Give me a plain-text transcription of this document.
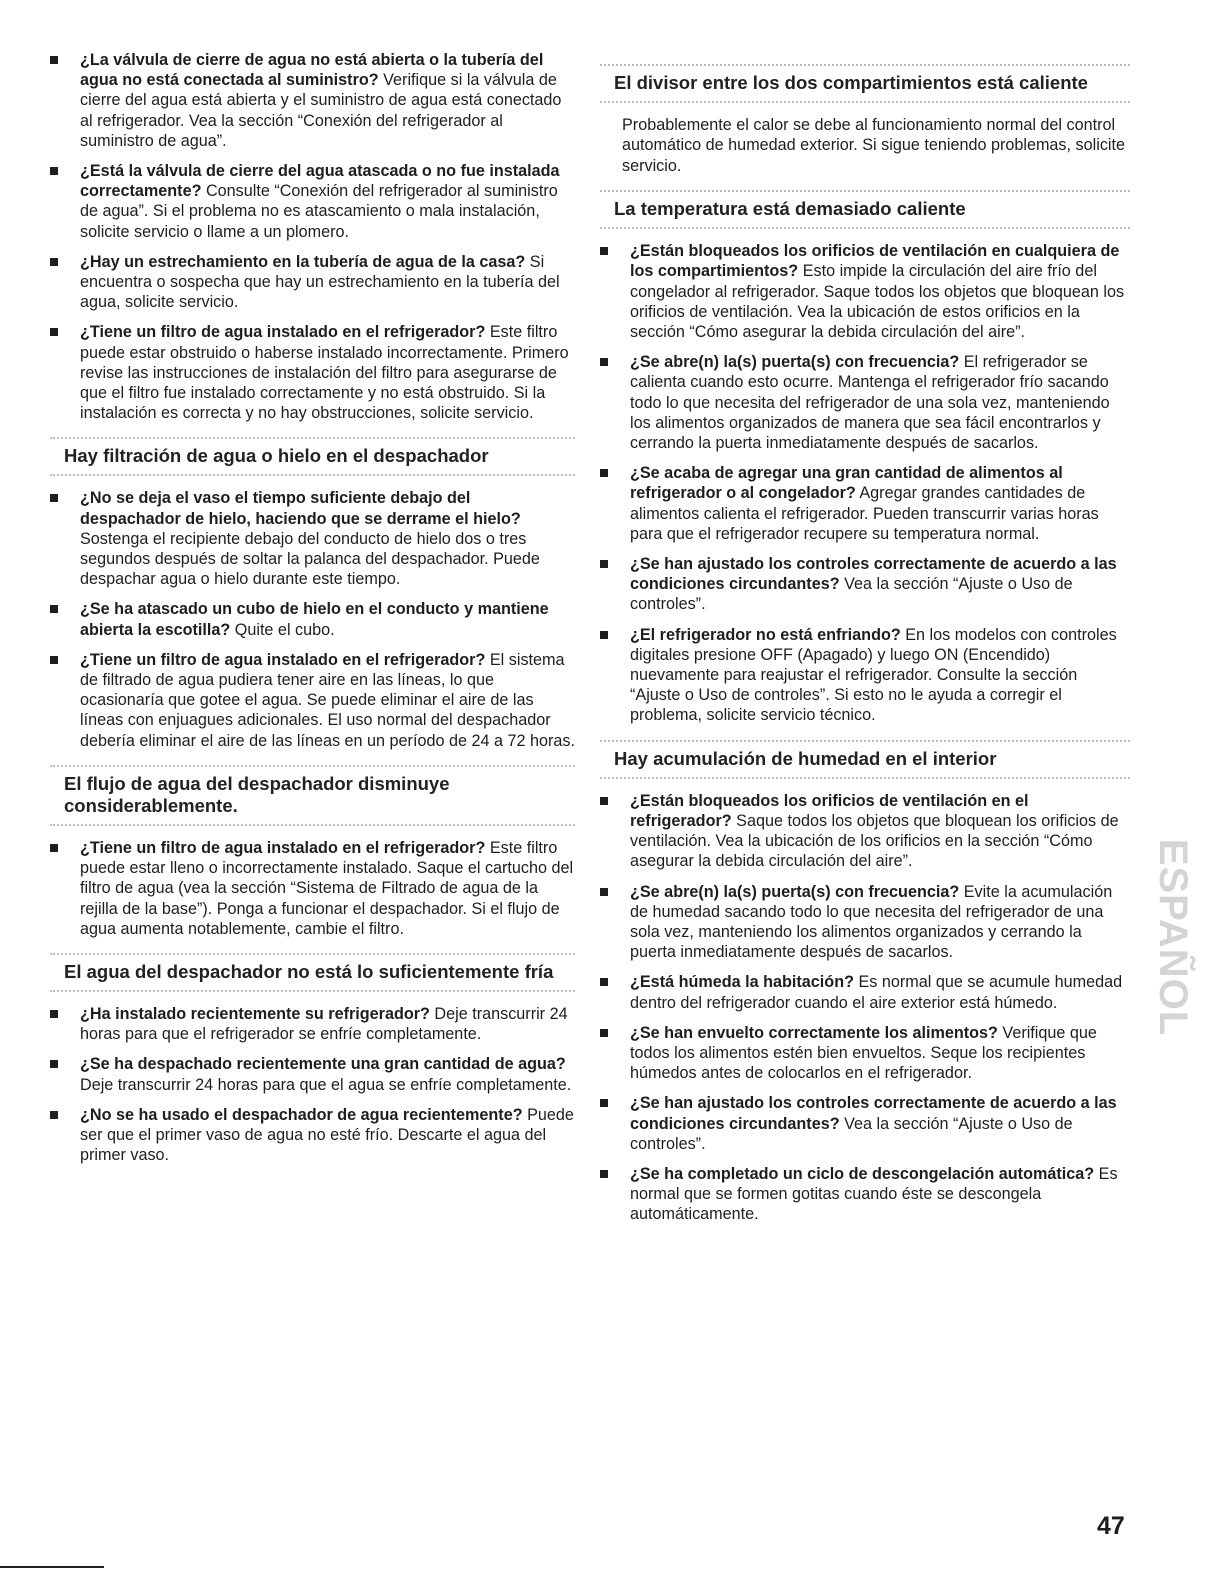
¿La válvula de cierre de agua no está abierta o la tubería del agua no está conectada al suministro? Verifique si la válvula de cierre del agua está abierta y el suministro de agua está conectado al refrigerador. Vea la sección “Conexión del refrigerador al suministro de agua”.
¿Está la válvula de cierre del agua atascada o no fue instalada correctamente? Consulte “Conexión del refrigerador al suministro de agua”. Si el problema no es atascamiento o mala instalación, solicite servicio o llame a un plomero.
¿Hay un estrechamiento en la tubería de agua de la casa? Si encuentra o sospecha que hay un estrechamiento en la tubería del agua, solicite servicio.
¿Tiene un filtro de agua instalado en el refrigerador? Este filtro puede estar obstruido o haberse instalado incorrectamente. Primero revise las instrucciones de instalación del filtro para asegurarse de que el filtro fue instalado correctamente y no está obstruido. Si la instalación es correcta y no hay obstrucciones, solicite servicio.
Hay filtración de agua o hielo en el despachador
¿No se deja el vaso el tiempo suficiente debajo del despachador de hielo, haciendo que se derrame el hielo? Sostenga el recipiente debajo del conducto de hielo dos o tres segundos después de soltar la palanca del despachador. Puede despachar agua o hielo durante este tiempo.
¿Se ha atascado un cubo de hielo en el conducto y mantiene abierta la escotilla? Quite el cubo.
¿Tiene un filtro de agua instalado en el refrigerador? El sistema de filtrado de agua pudiera tener aire en las líneas, lo que ocasionaría que gotee el agua. Se puede eliminar el aire de las líneas con enjuagues adicionales. El uso normal del despachador debería eliminar el aire de las líneas en un período de 24 a 72 horas.
El flujo de agua del despachador disminuye considerablemente.
¿Tiene un filtro de agua instalado en el refrigerador? Este filtro puede estar lleno o incorrectamente instalado. Saque el cartucho del filtro de agua (vea la sección “Sistema de Filtrado de agua de la rejilla de la base”). Ponga a funcionar el despachador. Si el flujo de agua aumenta notablemente, cambie el filtro.
El agua del despachador no está lo suficientemente fría
¿Ha instalado recientemente su refrigerador? Deje transcurrir 24 horas para que el refrigerador se enfríe completamente.
¿Se ha despachado recientemente una gran cantidad de agua? Deje transcurrir 24 horas para que el agua se enfríe completamente.
¿No se ha usado el despachador de agua recientemente? Puede ser que el primer vaso de agua no esté frío. Descarte el agua del primer vaso.
El divisor entre los dos compartimientos está caliente
Probablemente el calor se debe al funcionamiento normal del control automático de humedad exterior. Si sigue teniendo problemas, solicite servicio.
La temperatura está demasiado caliente
¿Están bloqueados los orificios de ventilación en cualquiera de los compartimientos? Esto impide la circulación del aire frío del congelador al refrigerador. Saque todos los objetos que bloquean los orificios de ventilación. Vea la ubicación de estos orificios en la sección “Cómo asegurar la debida circulación del aire”.
¿Se abre(n) la(s) puerta(s) con frecuencia? El refrigerador se calienta cuando esto ocurre. Mantenga el refrigerador frío sacando todo lo que necesita del refrigerador de una sola vez, manteniendo los alimentos organizados de manera que sea fácil encontrarlos y cerrando la puerta inmediatamente después de sacarlos.
¿Se acaba de agregar una gran cantidad de alimentos al refrigerador o al congelador? Agregar grandes cantidades de alimentos calienta el refrigerador. Pueden transcurrir varias horas para que el refrigerador recupere su temperatura normal.
¿Se han ajustado los controles correctamente de acuerdo a las condiciones circundantes? Vea la sección “Ajuste o Uso de controles”.
¿El refrigerador no está enfriando? En los modelos con controles digitales presione OFF (Apagado) y luego ON (Encendido) nuevamente para reajustar el refrigerador. Consulte la sección “Ajuste o Uso de controles”. Si esto no le ayuda a corregir el problema, solicite servicio técnico.
Hay acumulación de humedad en el interior
¿Están bloqueados los orificios de ventilación en el refrigerador? Saque todos los objetos que bloquean los orificios de ventilación. Vea la ubicación de los orificios en la sección “Cómo asegurar la debida circulación del aire”.
¿Se abre(n) la(s) puerta(s) con frecuencia? Evite la acumulación de humedad sacando todo lo que necesita del refrigerador de una sola vez, manteniendo los alimentos organizados y cerrando la puerta inmediatamente después de sacarlos.
¿Está húmeda la habitación? Es normal que se acumule humedad dentro del refrigerador cuando el aire exterior está húmedo.
¿Se han envuelto correctamente los alimentos? Verifique que todos los alimentos estén bien envueltos. Seque los recipientes húmedos antes de colocarlos en el refrigerador.
¿Se han ajustado los controles correctamente de acuerdo a las condiciones circundantes? Vea la sección “Ajuste o Uso de controles”.
¿Se ha completado un ciclo de descongelación automática? Es normal que se formen gotitas cuando éste se descongela automáticamente.
ESPAÑOL
47
